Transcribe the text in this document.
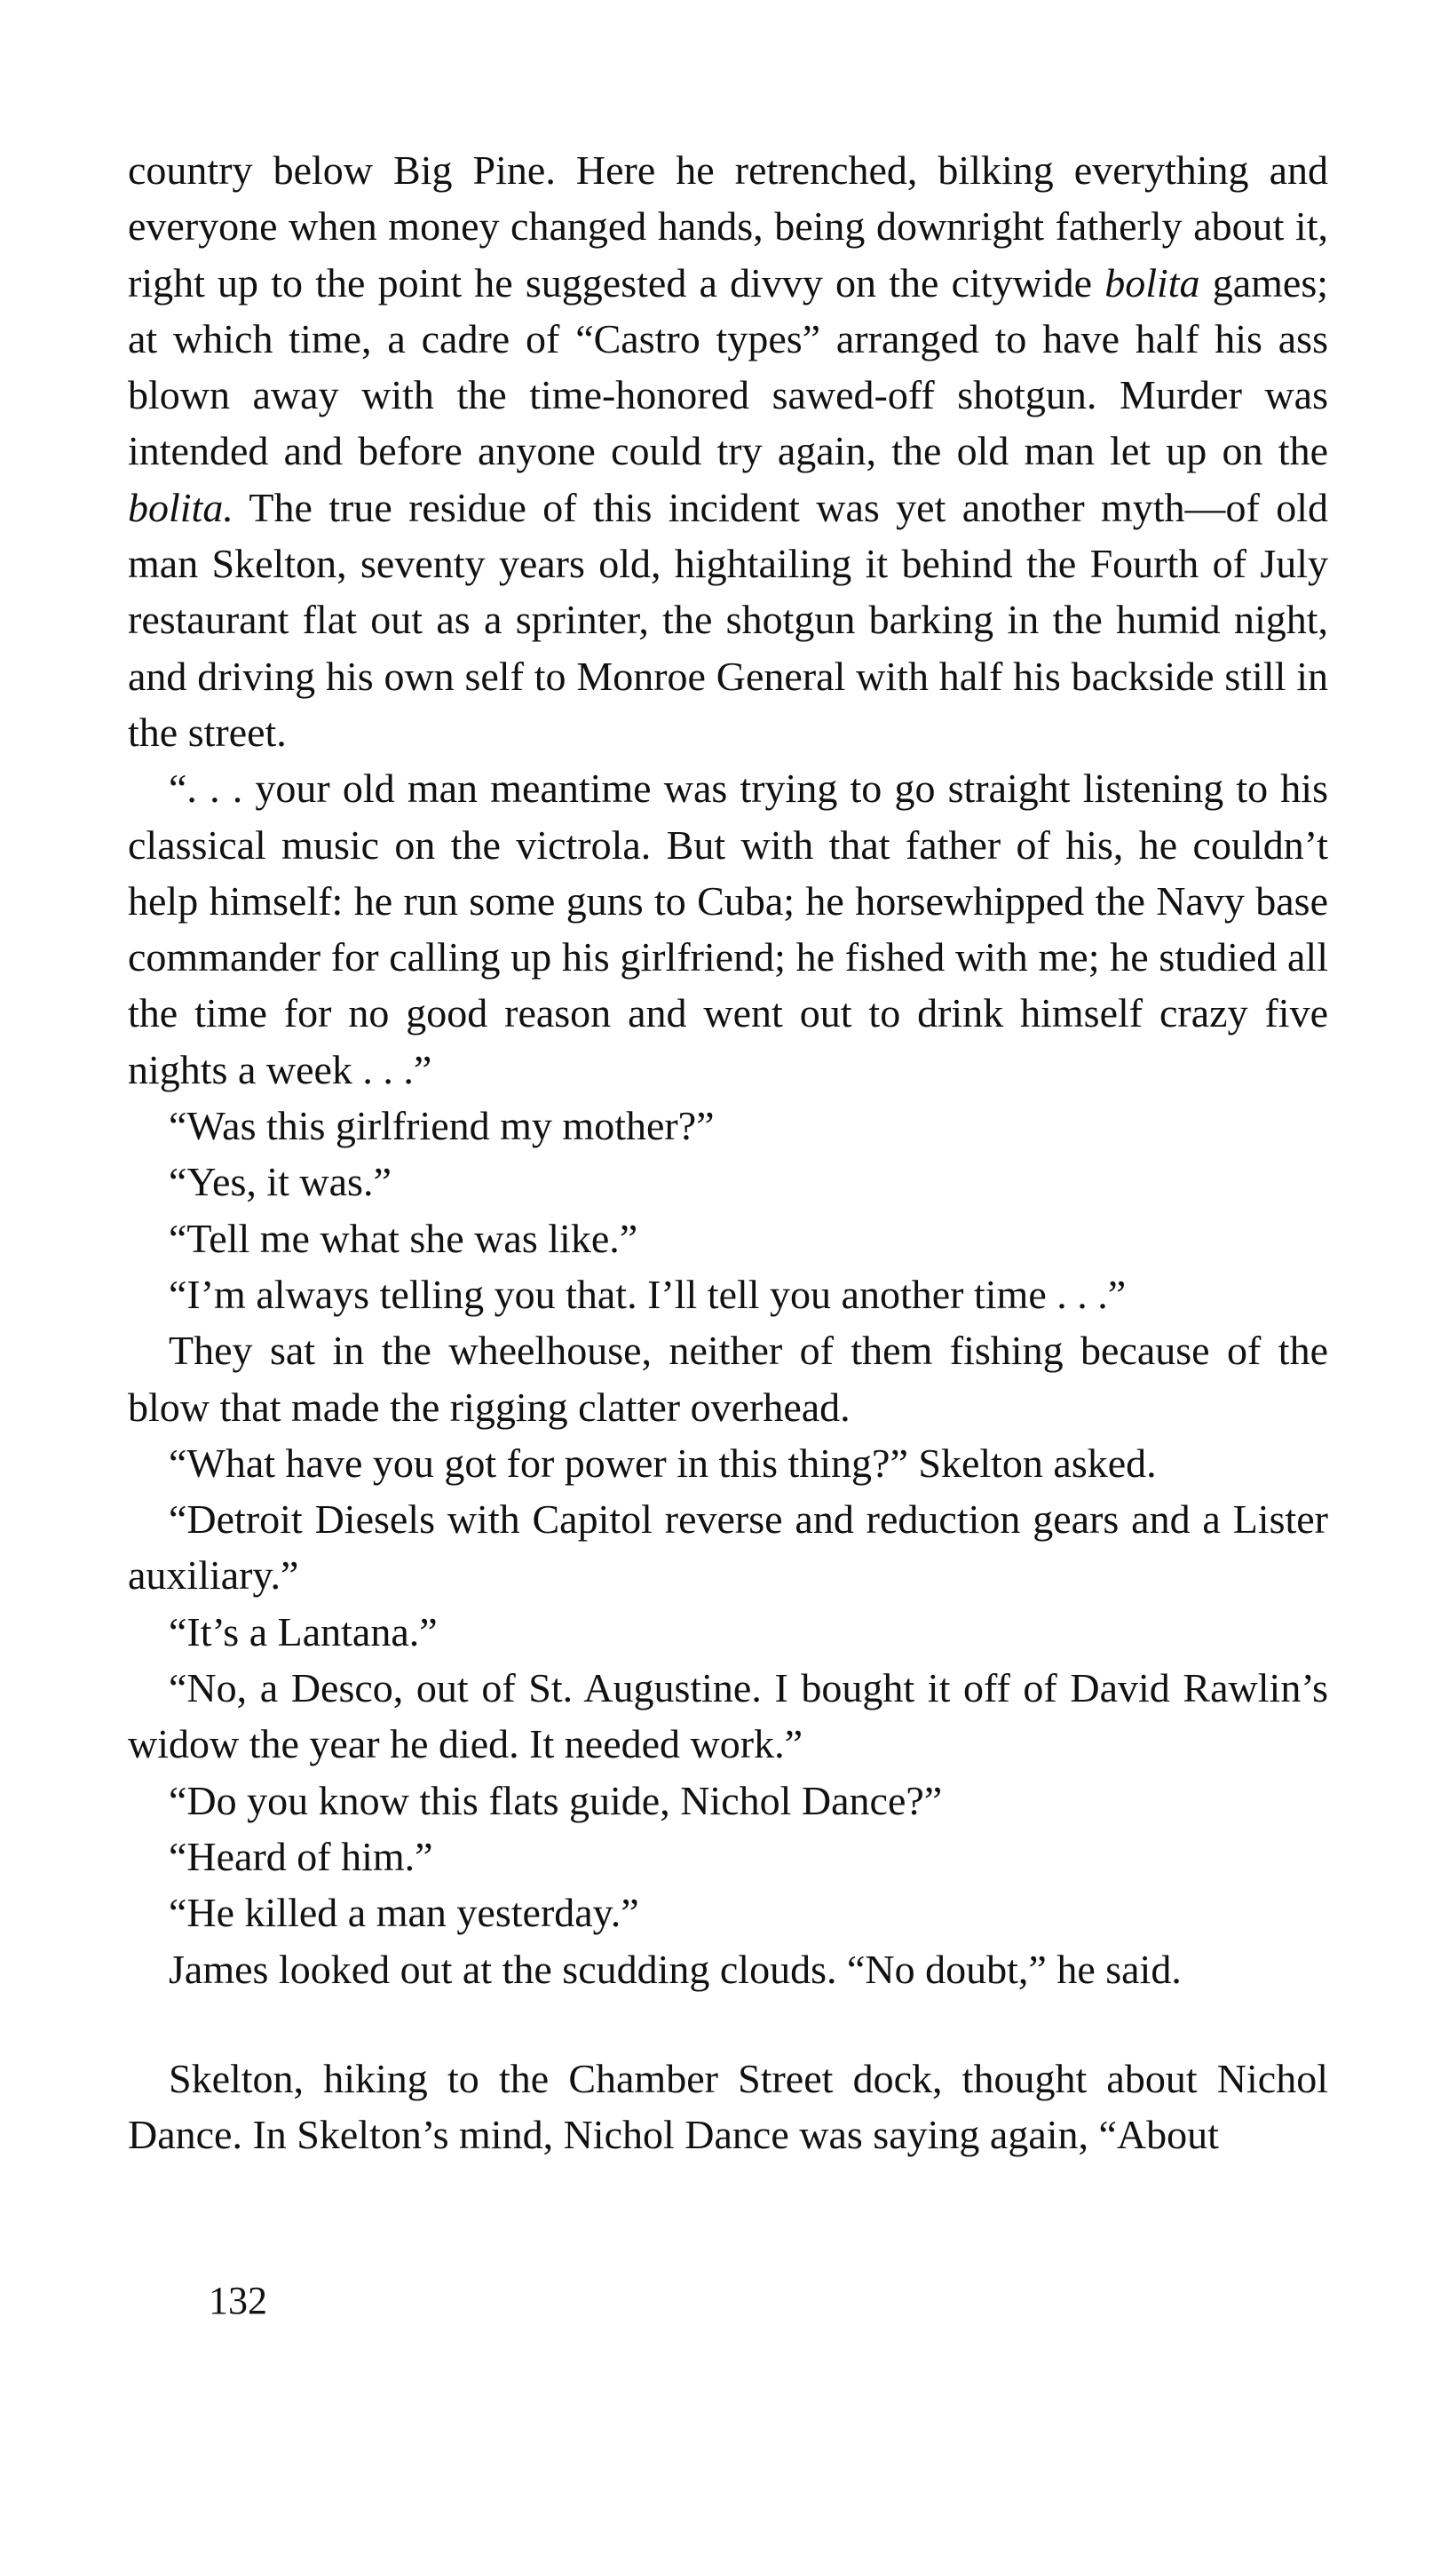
country below Big Pine. Here he retrenched, bilking everything and everyone when money changed hands, being downright fatherly about it, right up to the point he suggested a divvy on the citywide bolita games; at which time, a cadre of “Castro types” arranged to have half his ass blown away with the time-honored sawed-off shotgun. Murder was intended and before anyone could try again, the old man let up on the bolita. The true residue of this incident was yet another myth—of old man Skelton, seventy years old, hightailing it behind the Fourth of July restaurant flat out as a sprinter, the shotgun barking in the humid night, and driving his own self to Monroe General with half his backside still in the street.

“. . . your old man meantime was trying to go straight listening to his classical music on the victrola. But with that father of his, he couldn’t help himself: he run some guns to Cuba; he horsewhipped the Navy base commander for calling up his girlfriend; he fished with me; he studied all the time for no good reason and went out to drink himself crazy five nights a week . . .”

“Was this girlfriend my mother?”

“Yes, it was.”

“Tell me what she was like.”

“I’m always telling you that. I’ll tell you another time . . .”

They sat in the wheelhouse, neither of them fishing because of the blow that made the rigging clatter overhead.

“What have you got for power in this thing?” Skelton asked.

“Detroit Diesels with Capitol reverse and reduction gears and a Lister auxiliary.”

“It’s a Lantana.”

“No, a Desco, out of St. Augustine. I bought it off of David Rawlin’s widow the year he died. It needed work.”

“Do you know this flats guide, Nichol Dance?”

“Heard of him.”

“He killed a man yesterday.”

James looked out at the scudding clouds. “No doubt,” he said.

Skelton, hiking to the Chamber Street dock, thought about Nichol Dance. In Skelton’s mind, Nichol Dance was saying again, “About

132
